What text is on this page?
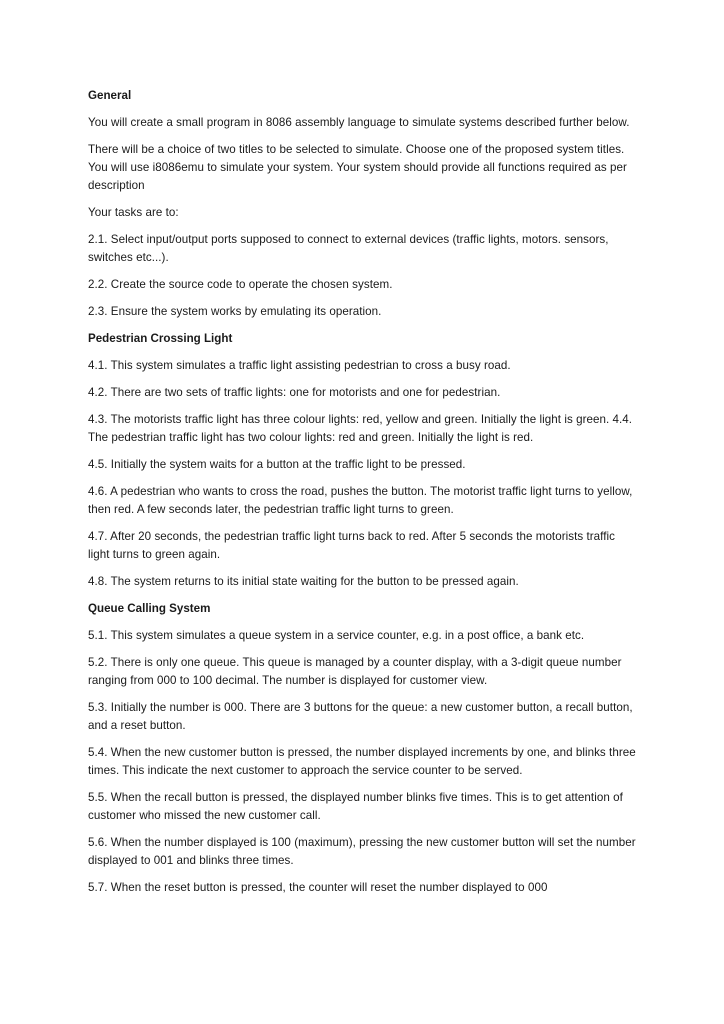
General
You will create a small program in 8086 assembly language to simulate systems described further below.
There will be a choice of two titles to be selected to simulate. Choose one of the proposed system titles. You will use i8086emu to simulate your system. Your system should provide all functions required as per description
Your tasks are to:
2.1. Select input/output ports supposed to connect to external devices (traffic lights, motors. sensors, switches etc...).
2.2. Create the source code to operate the chosen system.
2.3. Ensure the system works by emulating its operation.
Pedestrian Crossing Light
4.1. This system simulates a traffic light assisting pedestrian to cross a busy road.
4.2. There are two sets of traffic lights: one for motorists and one for pedestrian.
4.3. The motorists traffic light has three colour lights: red, yellow and green. Initially the light is green. 4.4. The pedestrian traffic light has two colour lights: red and green. Initially the light is red.
4.5. Initially the system waits for a button at the traffic light to be pressed.
4.6. A pedestrian who wants to cross the road, pushes the button. The motorist traffic light turns to yellow, then red. A few seconds later, the pedestrian traffic light turns to green.
4.7. After 20 seconds, the pedestrian traffic light turns back to red. After 5 seconds the motorists traffic light turns to green again.
4.8. The system returns to its initial state waiting for the button to be pressed again.
Queue Calling System
5.1. This system simulates a queue system in a service counter, e.g. in a post office, a bank etc.
5.2. There is only one queue. This queue is managed by a counter display, with a 3-digit queue number ranging from 000 to 100 decimal. The number is displayed for customer view.
5.3. Initially the number is 000. There are 3 buttons for the queue: a new customer button, a recall button, and a reset button.
5.4. When the new customer button is pressed, the number displayed increments by one, and blinks three times. This indicate the next customer to approach the service counter to be served.
5.5. When the recall button is pressed, the displayed number blinks five times. This is to get attention of customer who missed the new customer call.
5.6. When the number displayed is 100 (maximum), pressing the new customer button will set the number displayed to 001 and blinks three times.
5.7. When the reset button is pressed, the counter will reset the number displayed to 000
